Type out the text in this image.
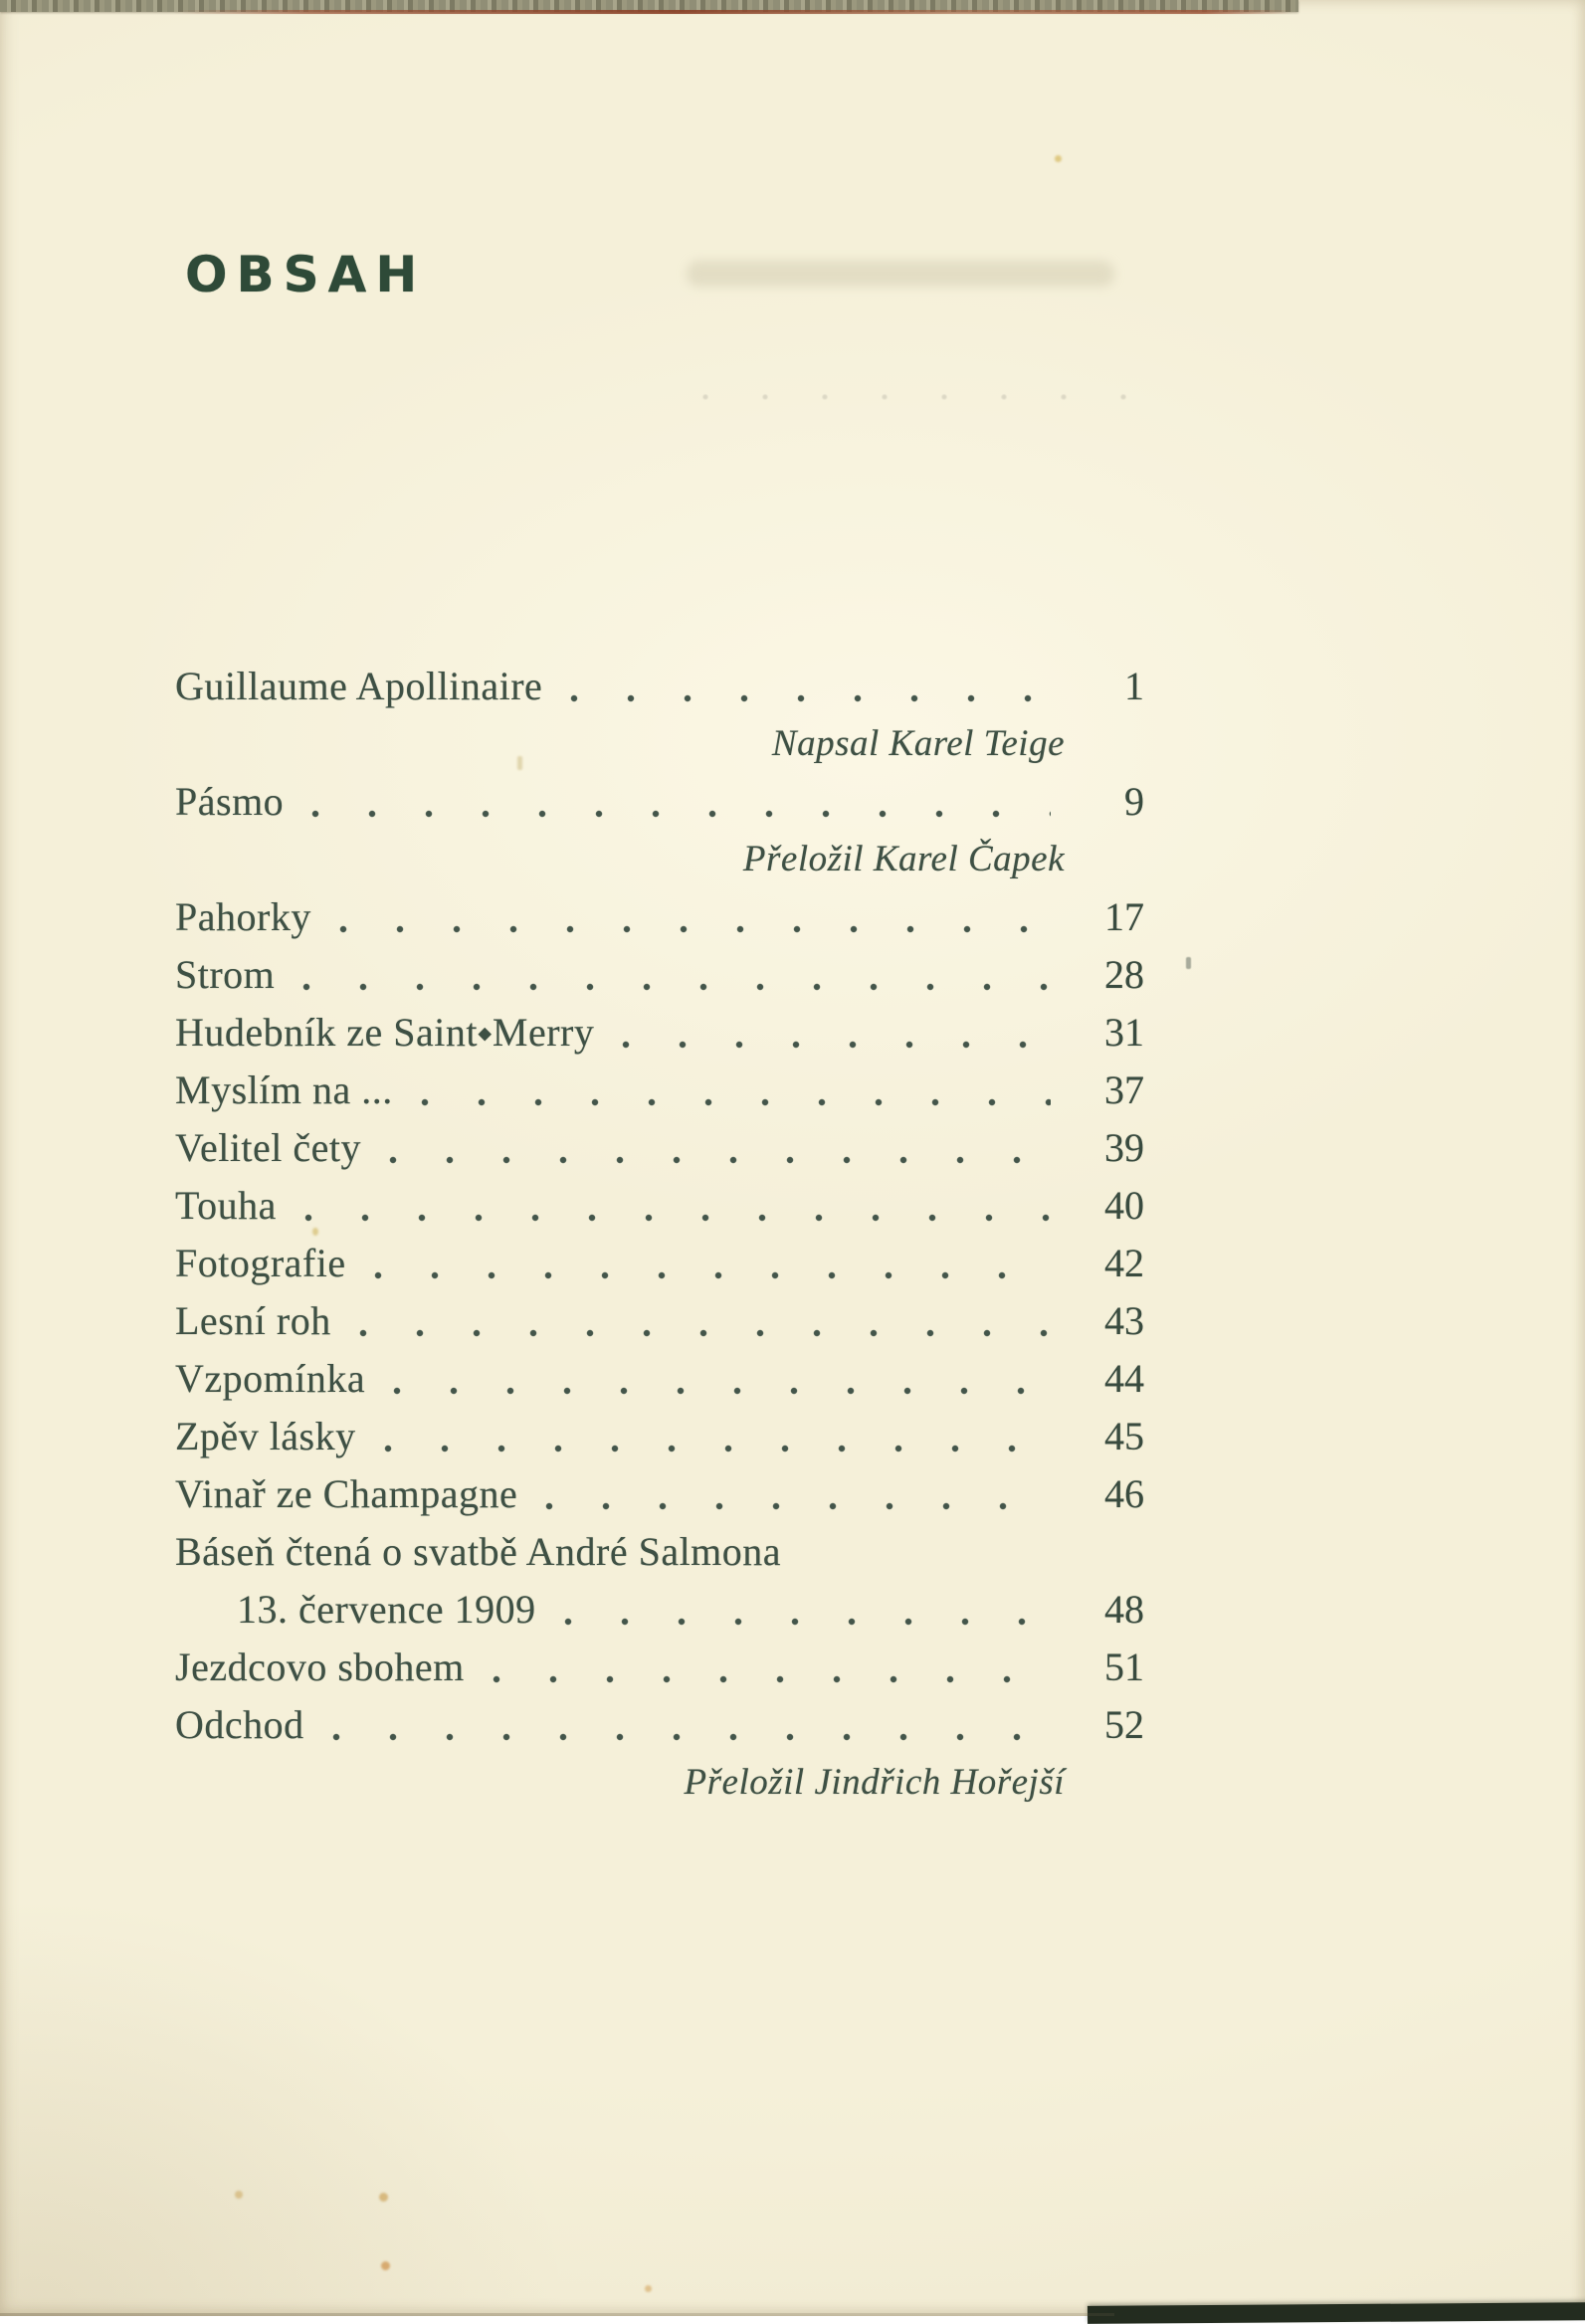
OBSAH
Guillaume Apollinaire	1
Napsal Karel Teige
Pásmo	9
Přeložil Karel Čapek
Pahorky	17
Strom	28
Hudebník ze Saint⬩Merry	31
Myslím na ...	37
Velitel čety	39
Touha	40
Fotografie	42
Lesní roh	43
Vzpomínka	44
Zpěv lásky	45
Vinař ze Champagne	46
Báseň čtená o svatbě André Salmona
13. července 1909	48
Jezdcovo sbohem	51
Odchod	52
Přeložil Jindřich Hořejší
